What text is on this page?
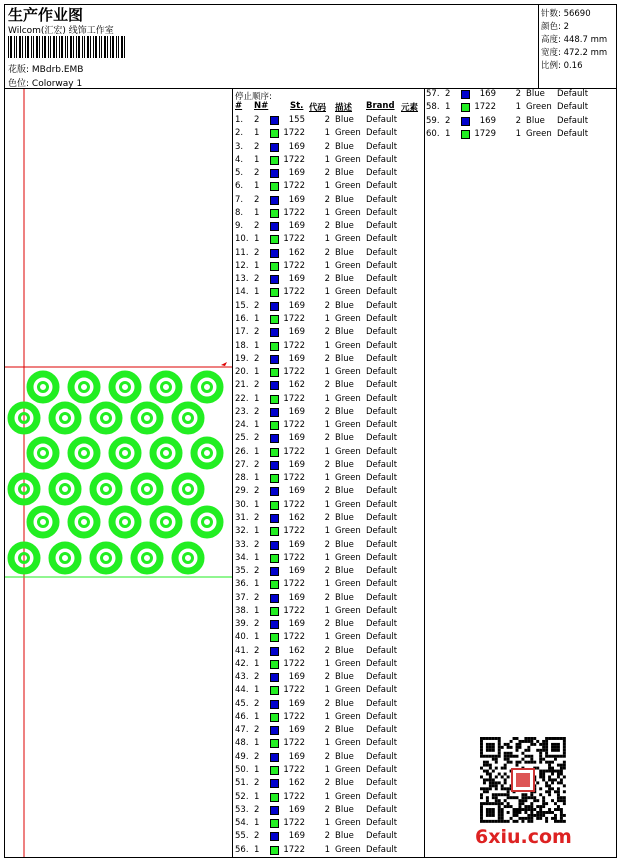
生产作业图
Wilcom(汇宏) 线饰工作室
花版: MBdrb.EMB
色位: Colorway 1
针数: 56690
颜色: 2
高度: 448.7 mm
宽度: 472.2 mm
比例: 0.16
停止顺序:
# N#	St. 代码 描述 Brand 元素
1. 2	155	2 Blue Default
2. 1	1722	1 Green Default
3. 2	169	2 Blue Default
4. 1	1722	1 Green Default
5. 2	169	2 Blue Default
6. 1	1722	1 Green Default
7. 2	169	2 Blue Default
8. 1	1722	1 Green Default
9. 2	169	2 Blue Default
10. 1	1722	1 Green Default
11. 2	162	2 Blue Default
12. 1	1722	1 Green Default
13. 2	169	2 Blue Default
14. 1	1722	1 Green Default
15. 2	169	2 Blue Default
16. 1	1722	1 Green Default
17. 2	169	2 Blue Default
18. 1	1722	1 Green Default
19. 2	169	2 Blue Default
20. 1	1722	1 Green Default
21. 2	162	2 Blue Default
22. 1	1722	1 Green Default
23. 2	169	2 Blue Default
24. 1	1722	1 Green Default
25. 2	169	2 Blue Default
26. 1	1722	1 Green Default
27. 2	169	2 Blue Default
28. 1	1722	1 Green Default
29. 2	169	2 Blue Default
30. 1	1722	1 Green Default
31. 2	162	2 Blue Default
32. 1	1722	1 Green Default
33. 2	169	2 Blue Default
34. 1	1722	1 Green Default
35. 2	169	2 Blue Default
36. 1	1722	1 Green Default
37. 2	169	2 Blue Default
38. 1	1722	1 Green Default
39. 2	169	2 Blue Default
40. 1	1722	1 Green Default
41. 2	162	2 Blue Default
42. 1	1722	1 Green Default
43. 2	169	2 Blue Default
44. 1	1722	1 Green Default
45. 2	169	2 Blue Default
46. 1	1722	1 Green Default
47. 2	169	2 Blue Default
48. 1	1722	1 Green Default
49. 2	169	2 Blue Default
50. 1	1722	1 Green Default
51. 2	162	2 Blue Default
52. 1	1722	1 Green Default
53. 2	169	2 Blue Default
54. 1	1722	1 Green Default
55. 2	169	2 Blue Default
56. 1	1722	1 Green Default
57. 2	169	2 Blue Default
58. 1	1722	1 Green Default
59. 2	169	2 Blue Default
60. 1	1729	1 Green Default
6xiu.com
